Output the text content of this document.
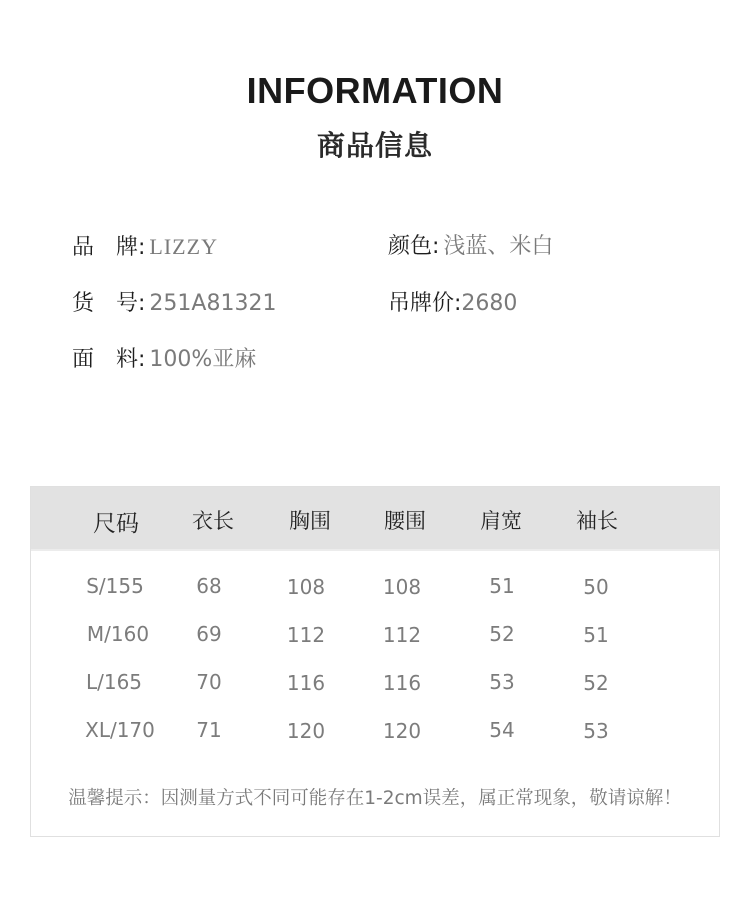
INFORMATION
商品信息
品　牌: LIZZY	颜色: 浅蓝、米白
货　号: 251A81321	吊牌价:2680
面　料: 100%亚麻
尺码	衣长	胸围	腰围	肩宽	袖长
S/155	68	108	108	51	50
M/160 69	112	112	52	51
L/165	70	116	116	53	52
XL/170 71	120	120	54	53
温馨提示：因测量方式不同可能存在1-2cm误差，属正常现象，敬请谅解！
